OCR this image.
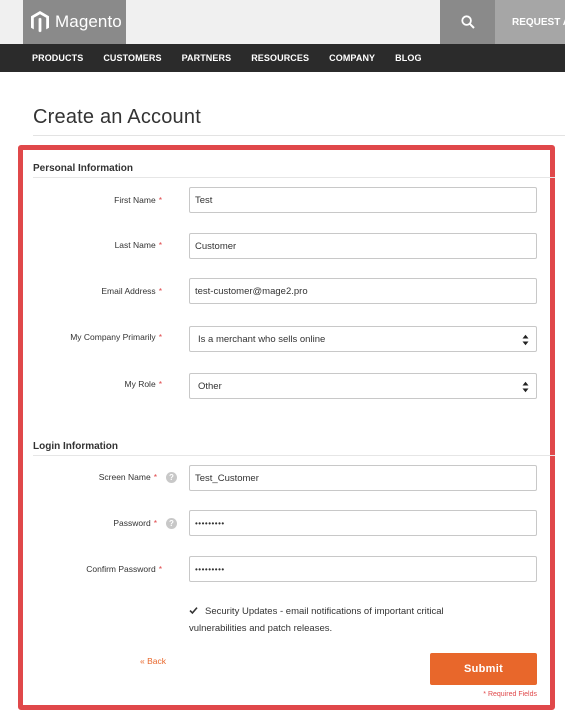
Magento	REQUEST A D
PRODUCTS CUSTOMERS PARTNERS RESOURCES COMPANY BLOG
Create an Account
Personal Information
First Name *
Test
Last Name *
Customer
Email Address *
test-customer@mage2.pro
My Company Primarily *	Is a merchant who sells online
My Role *	Other
Login Information
Screen Name *	?
Test_Customer
Password *	?
•••••••••
Confirm Password *
•••••••••
Security Updates - email notifications of important critical vulnerabilities and patch releases.
« Back
Submit
* Required Fields
